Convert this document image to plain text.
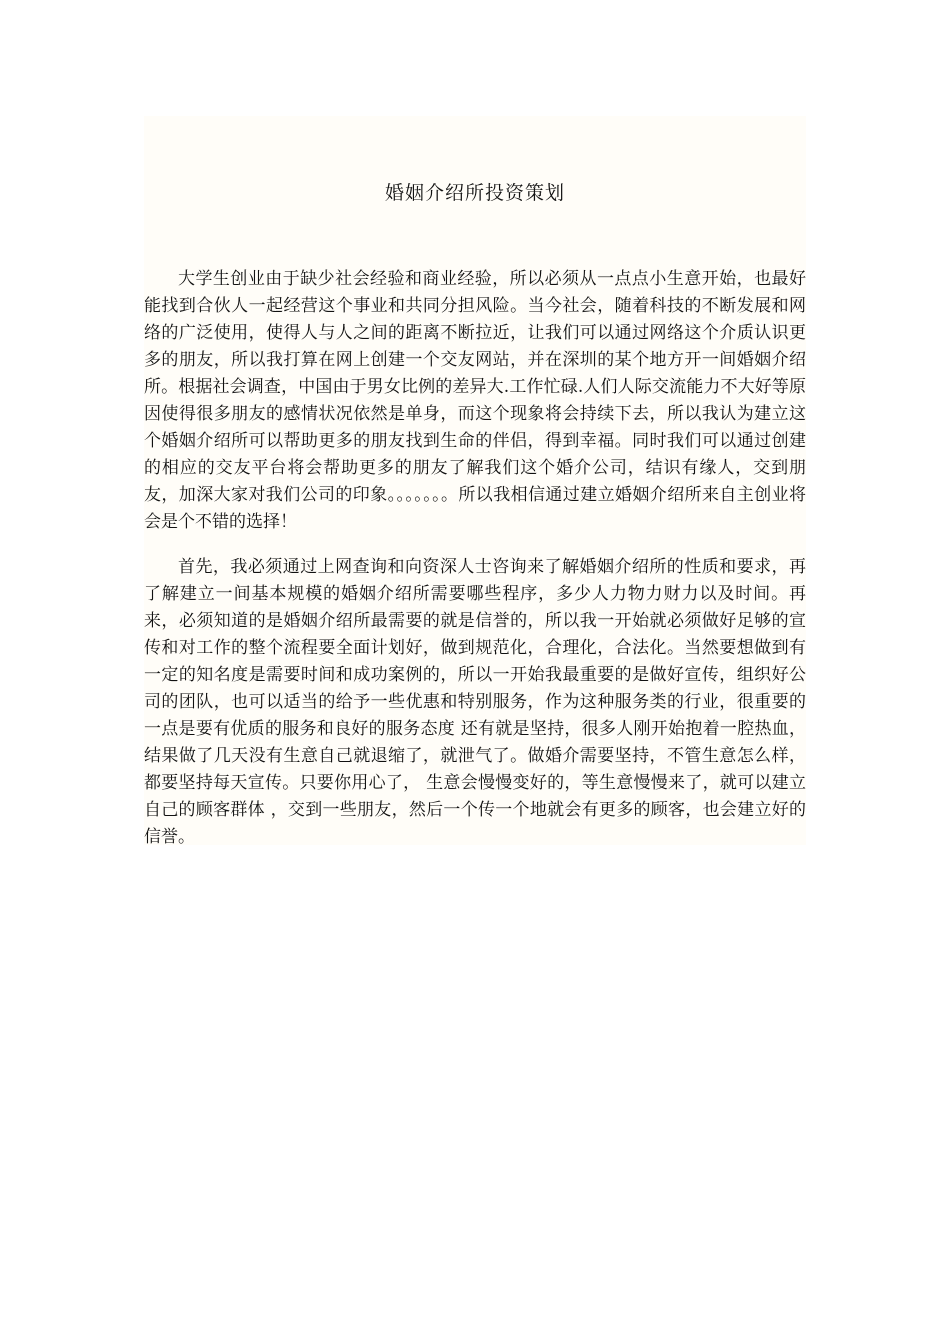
婚姻介绍所投资策划

大学生创业由于缺少社会经验和商业经验，所以必须从一点点小生意开始，也最好能找到合伙人一起经营这个事业和共同分担风险。当今社会，随着科技的不断发展和网络的广泛使用，使得人与人之间的距离不断拉近，让我们可以通过网络这个介质认识更多的朋友，所以我打算在网上创建一个交友网站，并在深圳的某个地方开一间婚姻介绍所。根据社会调查，中国由于男女比例的差异大.工作忙碌.人们人际交流能力不大好等原因使得很多朋友的感情状况依然是单身，而这个现象将会持续下去，所以我认为建立这个婚姻介绍所可以帮助更多的朋友找到生命的伴侣，得到幸福。同时我们可以通过创建的相应的交友平台将会帮助更多的朋友了解我们这个婚介公司，结识有缘人，交到朋友，加深大家对我们公司的印象。。。。。。。所以我相信通过建立婚姻介绍所来自主创业将会是个不错的选择！

首先，我必须通过上网查询和向资深人士咨询来了解婚姻介绍所的性质和要求，再了解建立一间基本规模的婚姻介绍所需要哪些程序，多少人力物力财力以及时间。再来，必须知道的是婚姻介绍所最需要的就是信誉的，所以我一开始就必须做好足够的宣传和对工作的整个流程要全面计划好，做到规范化，合理化，合法化。当然要想做到有一定的知名度是需要时间和成功案例的，所以一开始我最重要的是做好宣传，组织好公司的团队，也可以适当的给予一些优惠和特别服务，作为这种服务类的行业，很重要的一点是要有优质的服务和良好的服务态度 还有就是坚持，很多人刚开始抱着一腔热血，结果做了几天没有生意自己就退缩了，就泄气了。做婚介需要坚持，不管生意怎么样，都要坚持每天宣传。只要你用心了， 生意会慢慢变好的，等生意慢慢来了，就可以建立自己的顾客群体 ，交到一些朋友，然后一个传一个地就会有更多的顾客，也会建立好的信誉。
